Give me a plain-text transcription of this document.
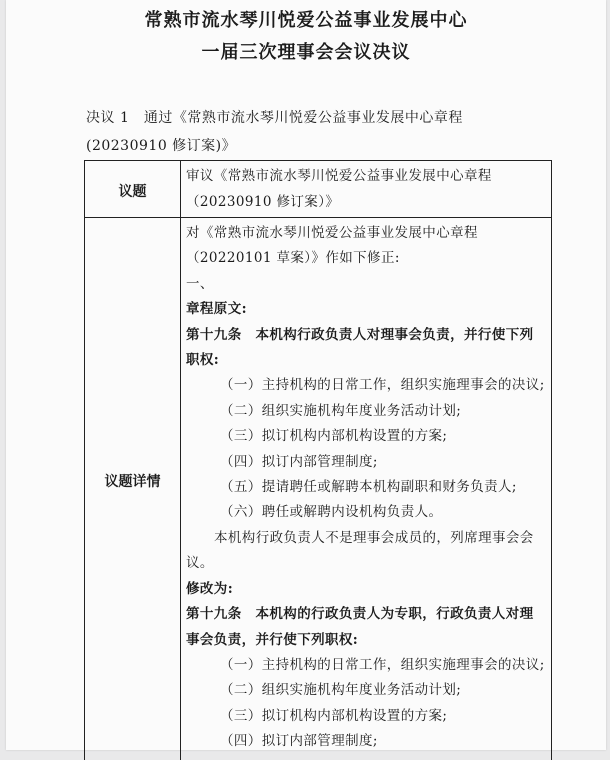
常熟市流水琴川悦爱公益事业发展中心
一届三次理事会会议决议
决议 1　通过《常熟市流水琴川悦爱公益事业发展中心章程　(20230910 修订案)》
议题
审议《常熟市流水琴川悦爱公益事业发展中心章程（20230910 修订案）》
议题详情

对《常熟市流水琴川悦爱公益事业发展中心章程

（20220101 草案）》作如下修正:

一、

章程原文:

第十九条　本机构行政负责人对理事会负责，并行使下列职权:

（一）主持机构的日常工作，组织实施理事会的决议;

（二）组织实施机构年度业务活动计划;

（三）拟订机构内部机构设置的方案;

（四）拟订内部管理制度;

（五）提请聘任或解聘本机构副职和财务负责人;

（六）聘任或解聘内设机构负责人。

本机构行政负责人不是理事会成员的，列席理事会会议。

修改为:

第十九条　本机构的行政负责人为专职，行政负责人对理事会负责，并行使下列职权:

（一）主持机构的日常工作，组织实施理事会的决议;

（二）组织实施机构年度业务活动计划;

（三）拟订机构内部机构设置的方案;

（四）拟订内部管理制度;
